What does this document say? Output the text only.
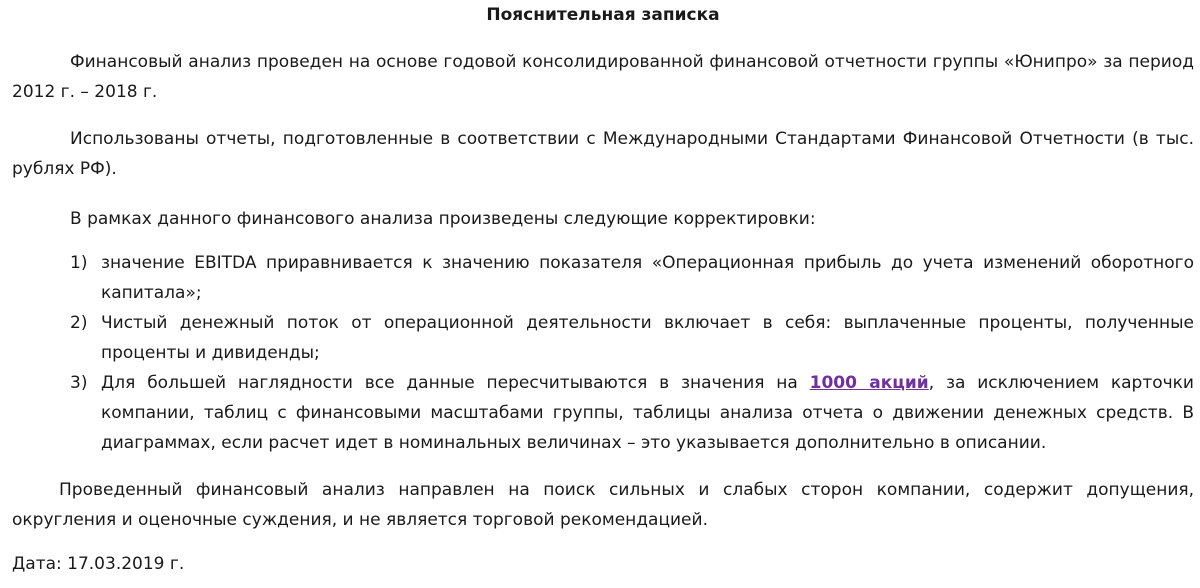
Пояснительная записка

Финансовый анализ проведен на основе годовой консолидированной финансовой отчетности группы «Юнипро» за период 2012 г. – 2018 г.

Использованы отчеты, подготовленные в соответствии с Международными Стандартами Финансовой Отчетности (в тыс. рублях РФ).

В рамках данного финансового анализа произведены следующие корректировки:

1) значение EBITDA приравнивается к значению показателя «Операционная прибыль до учета изменений оборотного капитала»;
2) Чистый денежный поток от операционной деятельности включает в себя: выплаченные проценты, полученные проценты и дивиденды;
3) Для большей наглядности все данные пересчитываются в значения на 1000 акций, за исключением карточки компании, таблиц с финансовыми масштабами группы, таблицы анализа отчета о движении денежных средств. В диаграммах, если расчет идет в номинальных величинах – это указывается дополнительно в описании.

Проведенный финансовый анализ направлен на поиск сильных и слабых сторон компании, содержит допущения, округления и оценочные суждения, и не является торговой рекомендацией.

Дата: 17.03.2019 г.
